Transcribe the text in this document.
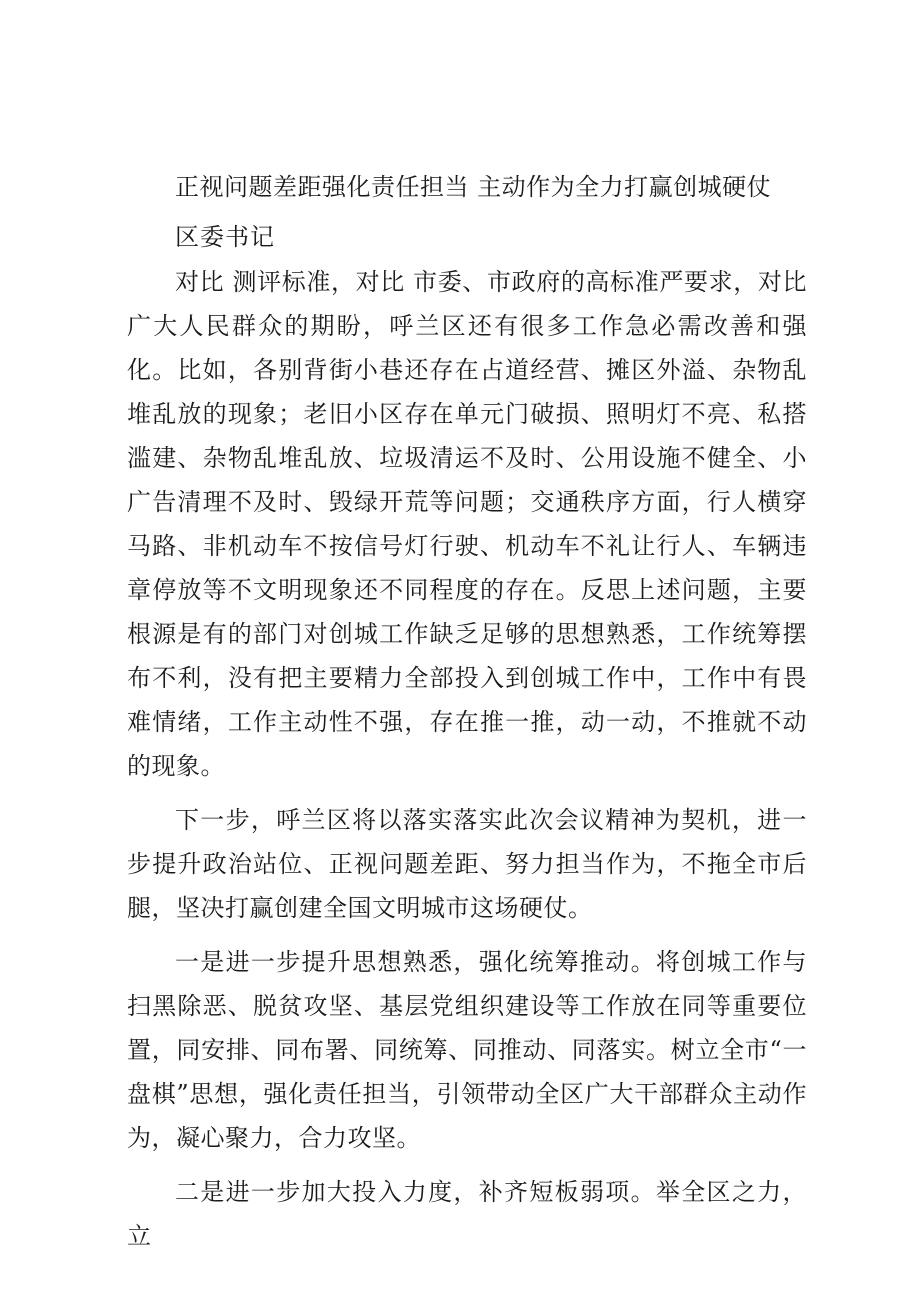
正视问题差距强化责任担当 主动作为全力打赢创城硬仗

区委书记

对比 测评标准，对比 市委、市政府的高标准严要求，对比广大人民群众的期盼，呼兰区还有很多工作急必需改善和强化。比如，各别背街小巷还存在占道经营、摊区外溢、杂物乱堆乱放的现象；老旧小区存在单元门破损、照明灯不亮、私搭滥建、杂物乱堆乱放、垃圾清运不及时、公用设施不健全、小广告清理不及时、毁绿开荒等问题；交通秩序方面，行人横穿马路、非机动车不按信号灯行驶、机动车不礼让行人、车辆违章停放等不文明现象还不同程度的存在。反思上述问题，主要根源是有的部门对创城工作缺乏足够的思想熟悉，工作统筹摆布不利，没有把主要精力全部投入到创城工作中，工作中有畏难情绪，工作主动性不强，存在推一推，动一动，不推就不动的现象。

下一步，呼兰区将以落实落实此次会议精神为契机，进一步提升政治站位、正视问题差距、努力担当作为，不拖全市后腿，坚决打赢创建全国文明城市这场硬仗。

一是进一步提升思想熟悉，强化统筹推动。将创城工作与扫黑除恶、脱贫攻坚、基层党组织建设等工作放在同等重要位置，同安排、同布署、同统筹、同推动、同落实。树立全市“一盘棋”思想，强化责任担当，引领带动全区广大干部群众主动作为，凝心聚力，合力攻坚。

二是进一步加大投入力度，补齐短板弱项。举全区之力，立
